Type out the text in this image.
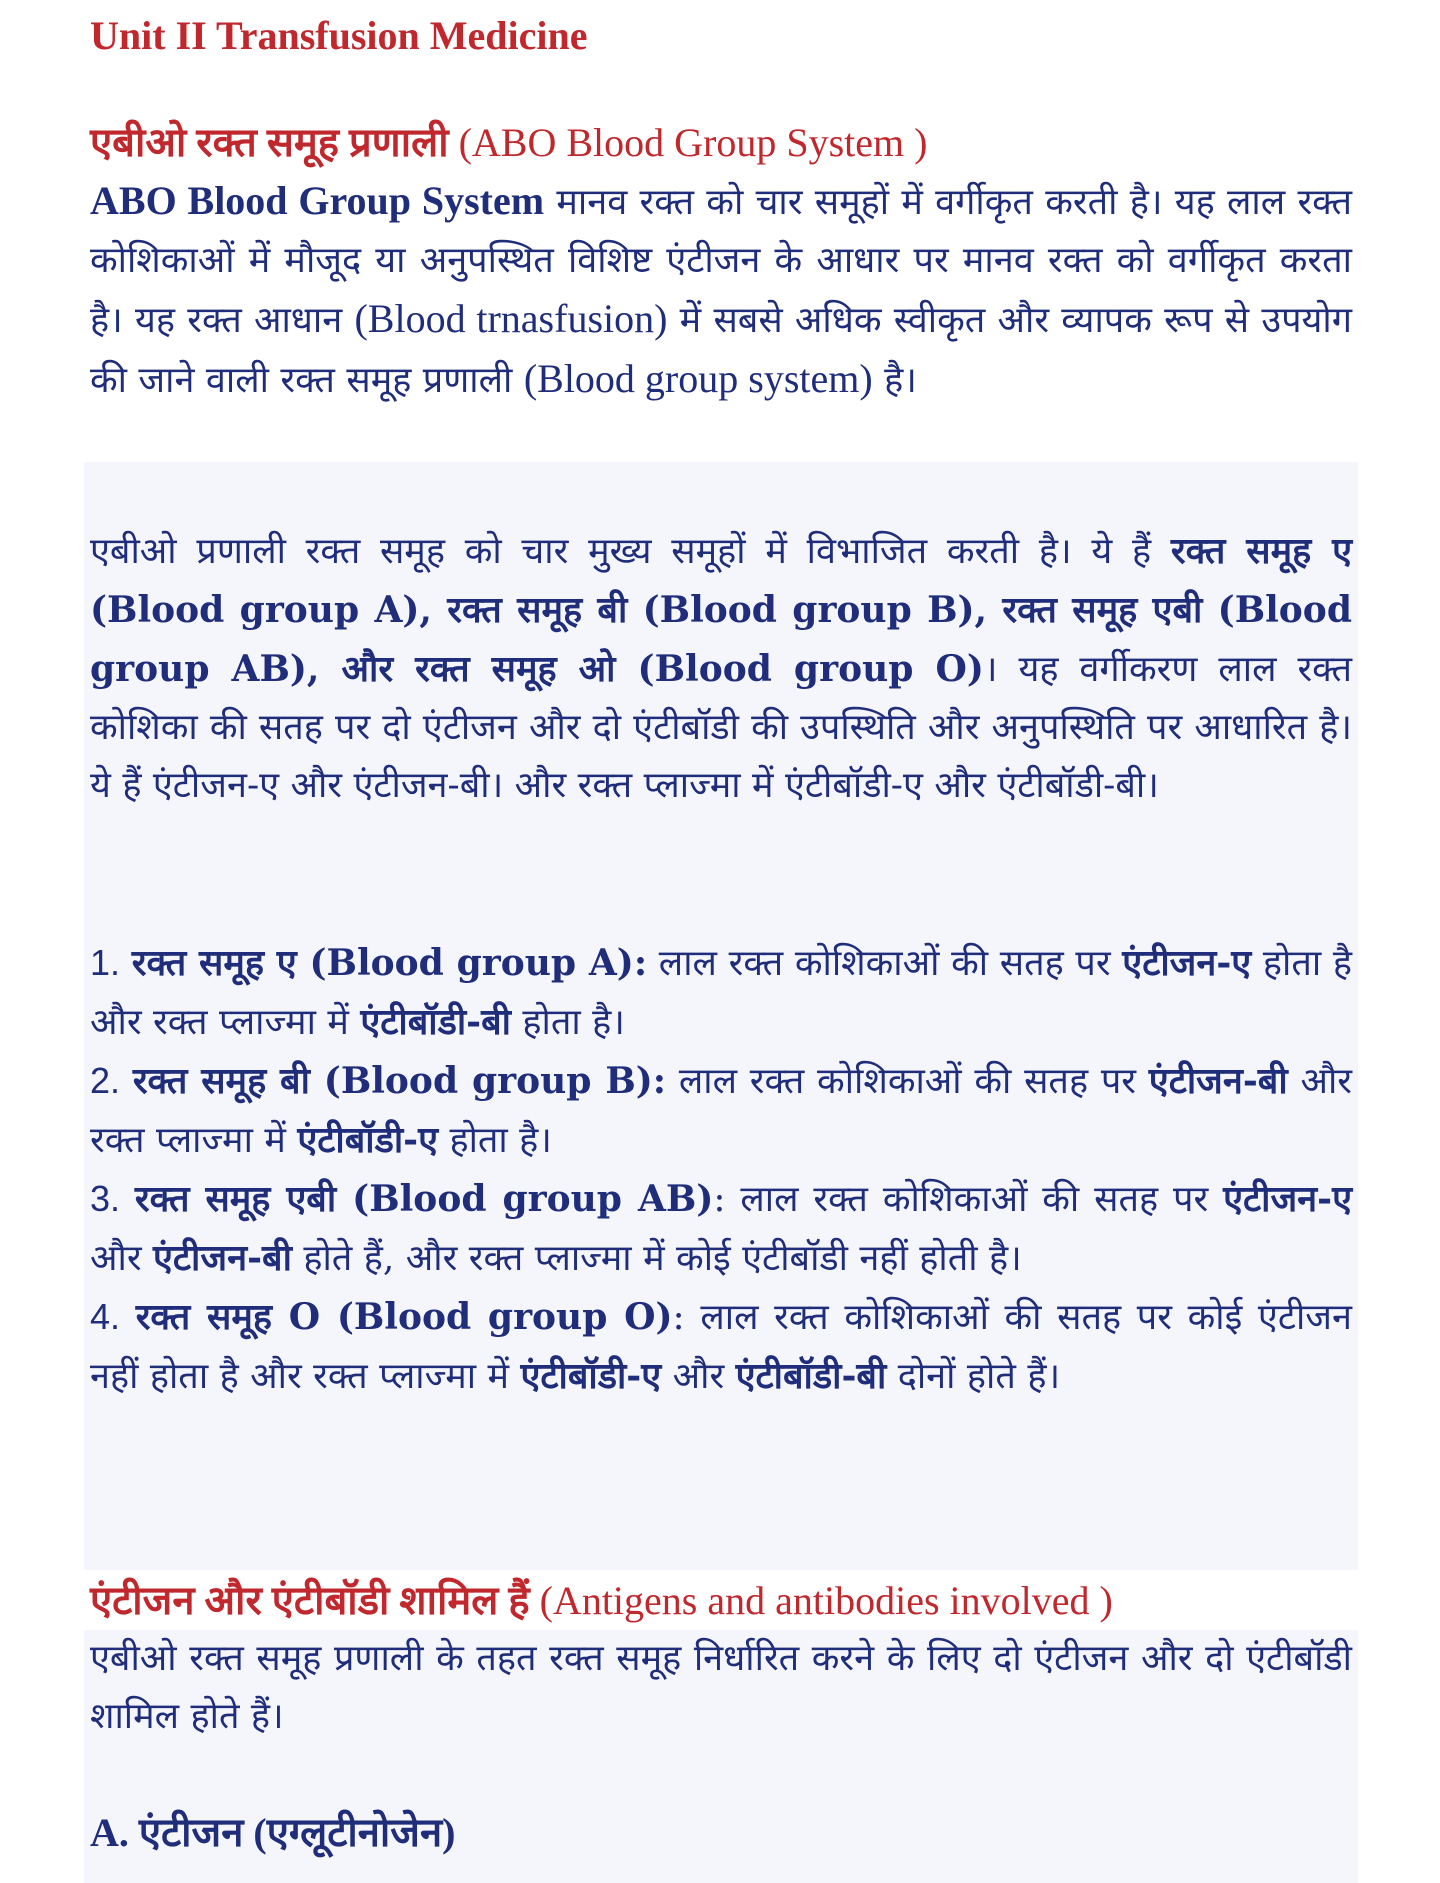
Unit II Transfusion Medicine
एबीओ रक्त समूह प्रणाली (ABO Blood Group System )

ABO Blood Group System मानव रक्त को चार समूहों में वर्गीकृत करती है। यह लाल रक्त कोशिकाओं में मौजूद या अनुपस्थित विशिष्ट एंटीजन के आधार पर मानव रक्त को वर्गीकृत करता है। यह रक्त आधान (Blood trnasfusion) में सबसे अधिक स्वीकृत और व्यापक रूप से उपयोग की जाने वाली रक्त समूह प्रणाली (Blood group system) है।

एबीओ प्रणाली रक्त समूह को चार मुख्य समूहों में विभाजित करती है। ये हैं रक्त समूह ए (Blood group A), रक्त समूह बी (Blood group B), रक्त समूह एबी (Blood group AB), और रक्त समूह ओ (Blood group O)। यह वर्गीकरण लाल रक्त कोशिका की सतह पर दो एंटीजन और दो एंटीबॉडी की उपस्थिति और अनुपस्थिति पर आधारित है। ये हैं एंटीजन-ए और एंटीजन-बी। और रक्त प्लाज्मा में एंटीबॉडी-ए और एंटीबॉडी-बी।

1. रक्त समूह ए (Blood group A): लाल रक्त कोशिकाओं की सतह पर एंटीजन-ए होता है और रक्त प्लाज्मा में एंटीबॉडी-बी होता है।

2. रक्त समूह बी (Blood group B): लाल रक्त कोशिकाओं की सतह पर एंटीजन-बी और रक्त प्लाज्मा में एंटीबॉडी-ए होता है।

3. रक्त समूह एबी (Blood group AB): लाल रक्त कोशिकाओं की सतह पर एंटीजन-ए और एंटीजन-बी होते हैं, और रक्त प्लाज्मा में कोई एंटीबॉडी नहीं होती है।

4. रक्त समूह O (Blood group O): लाल रक्त कोशिकाओं की सतह पर कोई एंटीजन नहीं होता है और रक्त प्लाज्मा में एंटीबॉडी-ए और एंटीबॉडी-बी दोनों होते हैं।

एंटीजन और एंटीबॉडी शामिल हैं (Antigens and antibodies involved )

एबीओ रक्त समूह प्रणाली के तहत रक्त समूह निर्धारित करने के लिए दो एंटीजन और दो एंटीबॉडी शामिल होते हैं।

A. एंटीजन (एग्लूटीनोजेन)
